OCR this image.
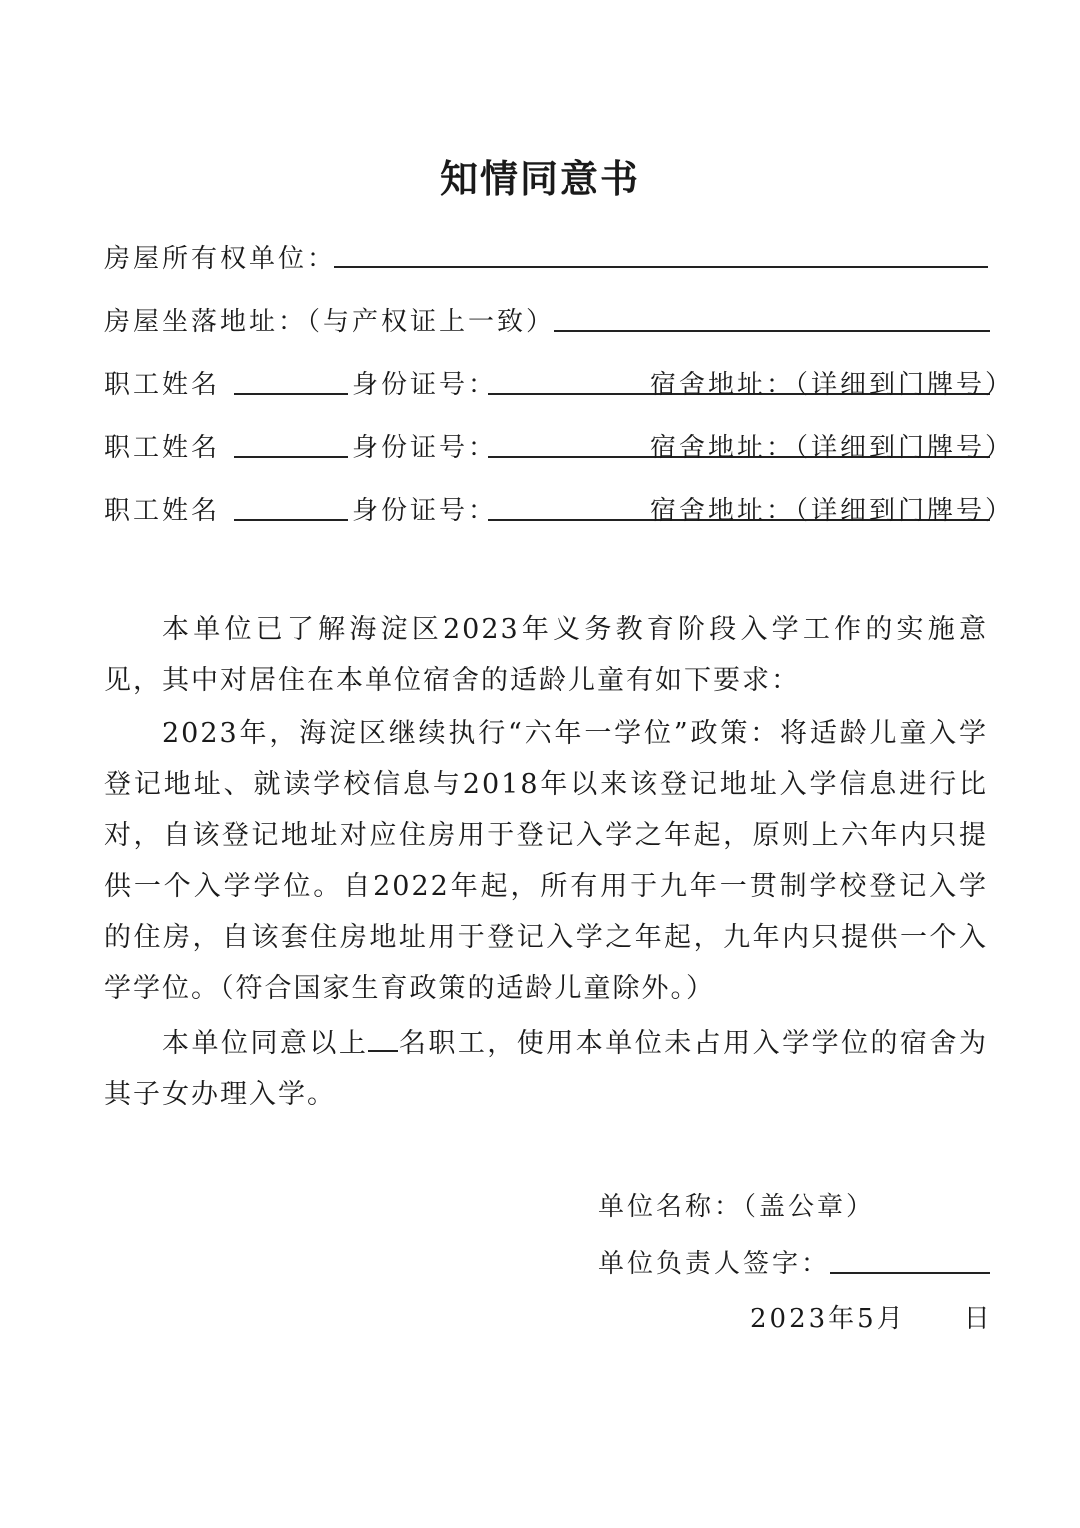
知情同意书
房屋所有权单位：
房屋坐落地址：（与产权证上一致）
职工姓名	身份证号：	宿舍地址：（详细到门牌号）
职工姓名	身份证号：	宿舍地址：（详细到门牌号）
职工姓名	身份证号：	宿舍地址：（详细到门牌号）
本单位已了解海淀区2023年义务教育阶段入学工作的实施意见，其中对居住在本单位宿舍的适龄儿童有如下要求：
2023年，海淀区继续执行“六年一学位”政策：将适龄儿童入学登记地址、就读学校信息与2018年以来该登记地址入学信息进行比对，自该登记地址对应住房用于登记入学之年起，原则上六年内只提供一个入学学位。自2022年起，所有用于九年一贯制学校登记入学的住房，自该套住房地址用于登记入学之年起，九年内只提供一个入学学位。（符合国家生育政策的适龄儿童除外。）
本单位同意以上 名职工，使用本单位未占用入学学位的宿舍为其子女办理入学。
单位名称：（盖公章）
单位负责人签字：
2023年5月　　日
